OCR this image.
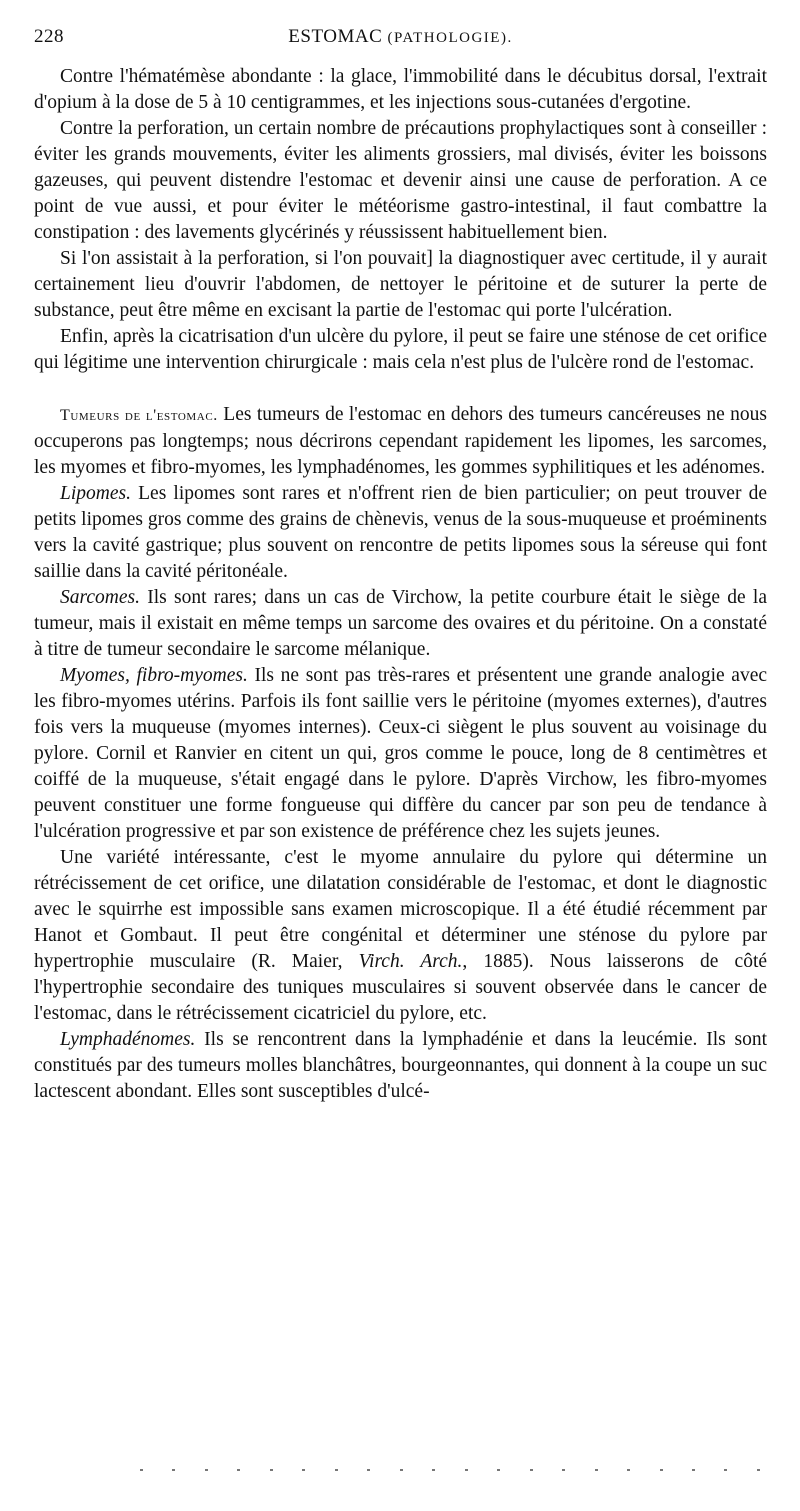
228	ESTOMAC (PATHOLOGIE).

Contre l'hématémèse abondante : la glace, l'immobilité dans le décubitus dorsal, l'extrait d'opium à la dose de 5 à 10 centigrammes, et les injections sous-cutanées d'ergotine.

Contre la perforation, un certain nombre de précautions prophylactiques sont à conseiller : éviter les grands mouvements, éviter les aliments grossiers, mal divisés, éviter les boissons gazeuses, qui peuvent distendre l'estomac et devenir ainsi une cause de perforation. A ce point de vue aussi, et pour éviter le météorisme gastro-intestinal, il faut combattre la constipation : des lavements glycérinés y réussissent habituellement bien.

Si l'on assistait à la perforation, si l'on pouvait] la diagnostiquer avec certitude, il y aurait certainement lieu d'ouvrir l'abdomen, de nettoyer le péritoine et de suturer la perte de substance, peut être même en excisant la partie de l'estomac qui porte l'ulcération.

Enfin, après la cicatrisation d'un ulcère du pylore, il peut se faire une sténose de cet orifice qui légitime une intervention chirurgicale : mais cela n'est plus de l'ulcère rond de l'estomac.

Tumeurs de l'estomac. Les tumeurs de l'estomac en dehors des tumeurs cancéreuses ne nous occuperons pas longtemps; nous décrirons cependant rapidement les lipomes, les sarcomes, les myomes et fibro-myomes, les lymphadénomes, les gommes syphilitiques et les adénomes.

Lipomes. Les lipomes sont rares et n'offrent rien de bien particulier; on peut trouver de petits lipomes gros comme des grains de chènevis, venus de la sous-muqueuse et proéminents vers la cavité gastrique; plus souvent on rencontre de petits lipomes sous la séreuse qui font saillie dans la cavité péritonéale.

Sarcomes. Ils sont rares; dans un cas de Virchow, la petite courbure était le siège de la tumeur, mais il existait en même temps un sarcome des ovaires et du péritoine. On a constaté à titre de tumeur secondaire le sarcome mélanique.

Myomes, fibro-myomes. Ils ne sont pas très-rares et présentent une grande analogie avec les fibro-myomes utérins. Parfois ils font saillie vers le péritoine (myomes externes), d'autres fois vers la muqueuse (myomes internes). Ceux-ci siègent le plus souvent au voisinage du pylore. Cornil et Ranvier en citent un qui, gros comme le pouce, long de 8 centimètres et coiffé de la muqueuse, s'était engagé dans le pylore. D'après Virchow, les fibro-myomes peuvent constituer une forme fongueuse qui diffère du cancer par son peu de tendance à l'ulcération progressive et par son existence de préférence chez les sujets jeunes.

Une variété intéressante, c'est le myome annulaire du pylore qui détermine un rétrécissement de cet orifice, une dilatation considérable de l'estomac, et dont le diagnostic avec le squirrhe est impossible sans examen microscopique. Il a été étudié récemment par Hanot et Gombaut. Il peut être congénital et déterminer une sténose du pylore par hypertrophie musculaire (R. Maier, Virch. Arch., 1885). Nous laisserons de côté l'hypertrophie secondaire des tuniques musculaires si souvent observée dans le cancer de l'estomac, dans le rétrécissement cicatriciel du pylore, etc.

Lymphadénomes. Ils se rencontrent dans la lymphadénie et dans la leucémie. Ils sont constitués par des tumeurs molles blanchâtres, bourgeonnantes, qui donnent à la coupe un suc lactescent abondant. Elles sont susceptibles d'ulcé-
